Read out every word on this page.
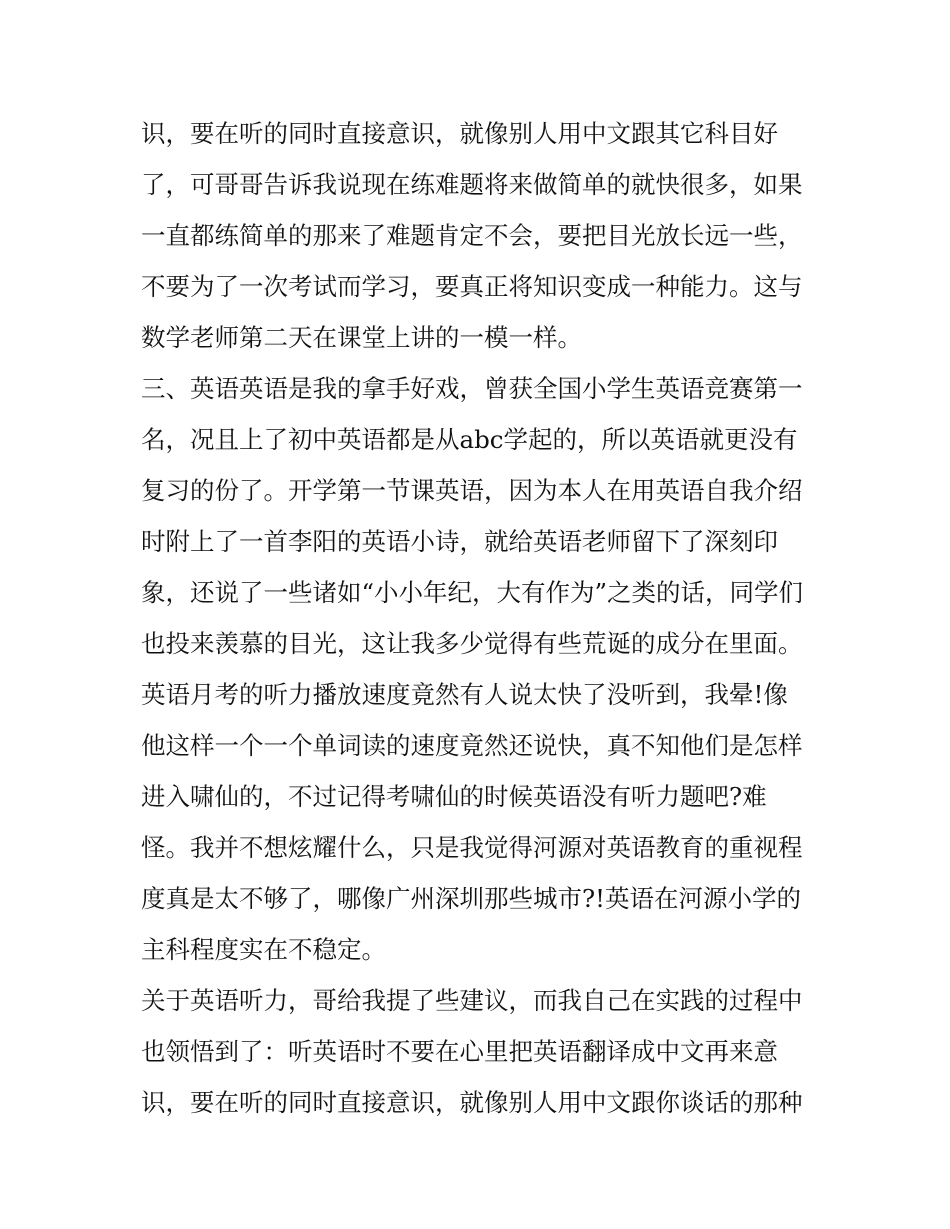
识，要在听的同时直接意识，就像别人用中文跟其它科目好
了，可哥哥告诉我说现在练难题将来做简单的就快很多，如果
一直都练简单的那来了难题肯定不会，要把目光放长远一些，
不要为了一次考试而学习，要真正将知识变成一种能力。这与
数学老师第二天在课堂上讲的一模一样。
三、英语英语是我的拿手好戏，曾获全国小学生英语竞赛第一
名，况且上了初中英语都是从abc学起的，所以英语就更没有
复习的份了。开学第一节课英语，因为本人在用英语自我介绍
时附上了一首李阳的英语小诗，就给英语老师留下了深刻印
象，还说了一些诸如“小小年纪，大有作为”之类的话，同学们
也投来羡慕的目光，这让我多少觉得有些荒诞的成分在里面。
英语月考的听力播放速度竟然有人说太快了没听到，我晕!像
他这样一个一个单词读的速度竟然还说快，真不知他们是怎样
进入啸仙的，不过记得考啸仙的时候英语没有听力题吧?难
怪。我并不想炫耀什么，只是我觉得河源对英语教育的重视程
度真是太不够了，哪像广州深圳那些城市?!英语在河源小学的
主科程度实在不稳定。
关于英语听力，哥给我提了些建议，而我自己在实践的过程中
也领悟到了：听英语时不要在心里把英语翻译成中文再来意
识，要在听的同时直接意识，就像别人用中文跟你谈话的那种
